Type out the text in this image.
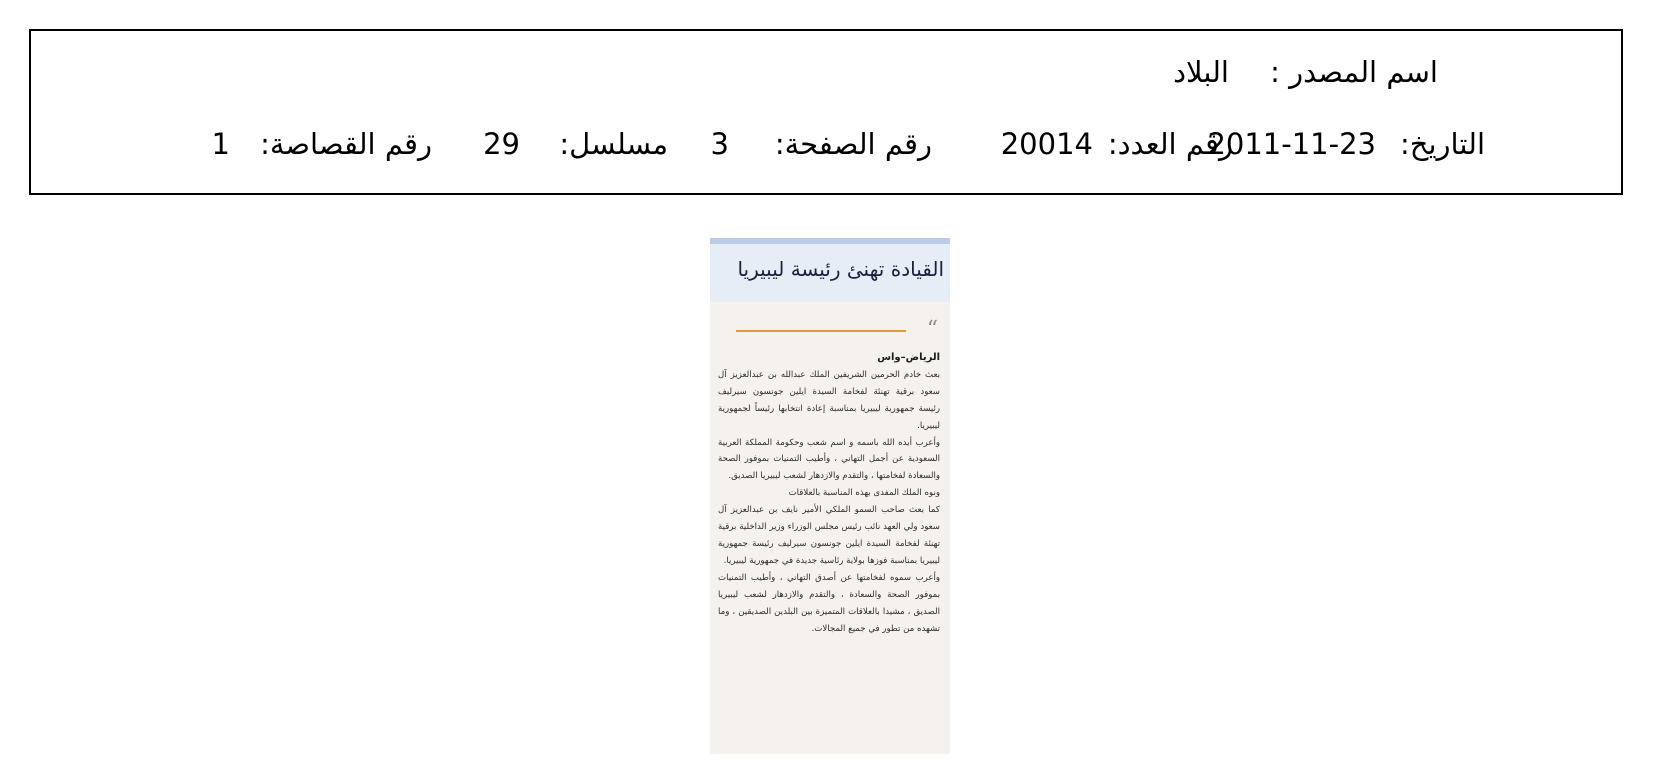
اسم المصدر :
البلاد
التاريخ:
2011-11-23
رقم العدد:
20014
رقم الصفحة:
3
مسلسل:
29
رقم القصاصة:
1
القيادة تهنئ رئيسة ليبيريا
“
الرياض–واس

بعث خادم الحرمين الشريفين الملك عبدالله بن عبدالعزيز آل سعود برقية تهنئة لفخامة السيدة ايلين جونسون سيرليف رئيسة جمهورية ليبيريا بمناسبة إعادة انتخابها رئيساً لجمهورية ليبيريا.

وأعرب أيده الله باسمه و اسم شعب وحكومة المملكة العربية السعودية عن أجمل التهاني ، وأطيب التمنيات بموفور الصحة والسعادة لفخامتها ، والتقدم والازدهار لشعب ليبيريا الصديق.

ونوه الملك المفدى بهذه المناسبة بالعلاقات

كما بعث صاحب السمو الملكي الأمير نايف بن عبدالعزيز آل سعود ولي العهد نائب رئيس مجلس الوزراء وزير الداخلية برقية تهنئة لفخامة السيدة ايلين جونسون سيرليف رئيسة جمهورية ليبيريا بمناسبة فوزها بولاية رئاسية جديدة في جمهورية ليبيريا.

وأعرب سموه لفخامتها عن أصدق التهاني ، وأطيب التمنيات بموفور الصحة والسعادة ، والتقدم والازدهار لشعب ليبيريا الصديق ، مشيدا بالعلاقات المتميزة بين البلدين الصديقين ، وما تشهده من تطور في جميع المجالات.
